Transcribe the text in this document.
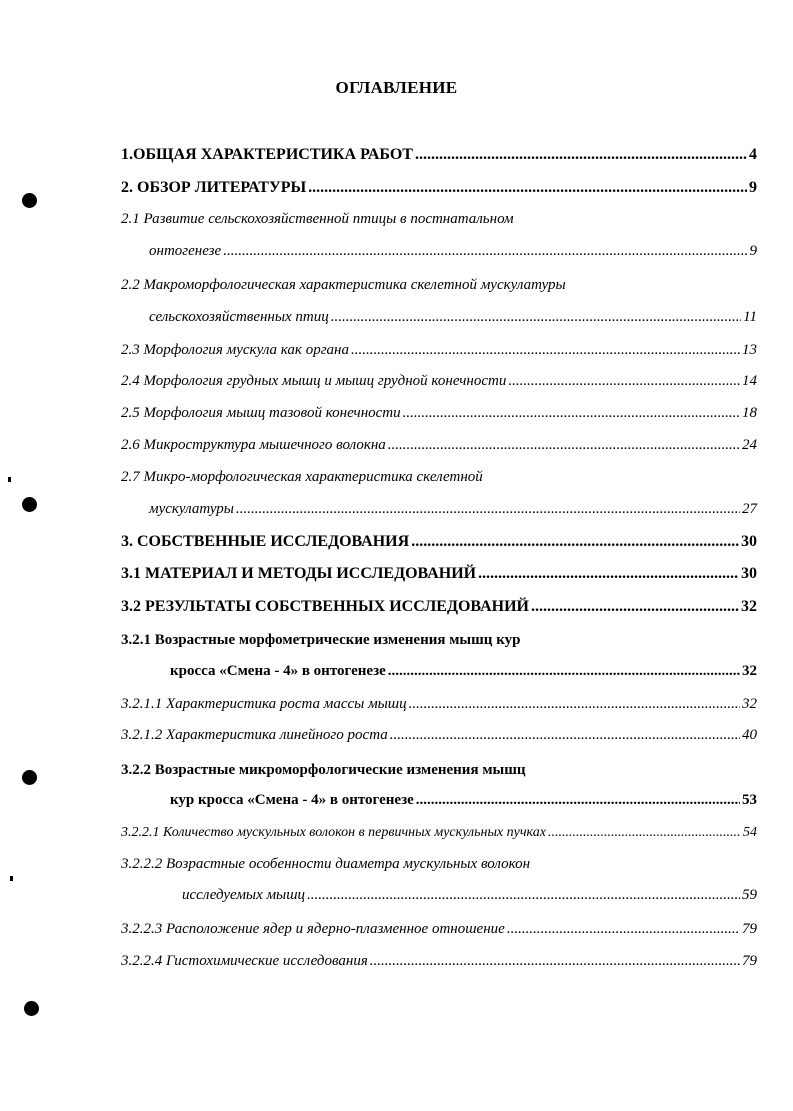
ОГЛАВЛЕНИЕ
1.ОБЩАЯ ХАРАКТЕРИСТИКА РАБОТ .....	4
2. ОБЗОР ЛИТЕРАТУРЫ .....	9
2.1 Развитие сельскохозяйственной птицы в постнатальном
онтогенезе .....	9
2.2 Макроморфологическая характеристика скелетной мускулатуры
сельскохозяйственных птиц .....	11
2.3 Морфология мускула как органа .....	13
2.4 Морфология грудных мышц и мышц грудной конечности .....	14
2.5 Морфология мышц тазовой конечности .....	18
2.6 Микроструктура мышечного волокна .....	24
2.7 Микро-морфологическая характеристика скелетной
мускулатуры .....	27
3. СОБСТВЕННЫЕ ИССЛЕДОВАНИЯ .....	30
3.1 МАТЕРИАЛ И МЕТОДЫ ИССЛЕДОВАНИЙ .....	30
3.2 РЕЗУЛЬТАТЫ СОБСТВЕННЫХ ИССЛЕДОВАНИЙ .....	32
3.2.1 Возрастные морфометрические изменения мышц кур
кросса «Смена - 4» в онтогенезе .....	32
3.2.1.1 Характеристика роста массы мышц .....	32
3.2.1.2 Характеристика линейного роста .....	40
3.2.2 Возрастные микроморфологические изменения мышц
кур кросса «Смена - 4» в онтогенезе .....	53
3.2.2.1 Количество мускульных волокон в первичных мускульных пучках .....	54
3.2.2.2 Возрастные особенности диаметра мускульных волокон
исследуемых мышц .....	59
3.2.2.3 Расположение ядер и ядерно-плазменное отношение .....	79
3.2.2.4 Гистохимические исследования .....	79
